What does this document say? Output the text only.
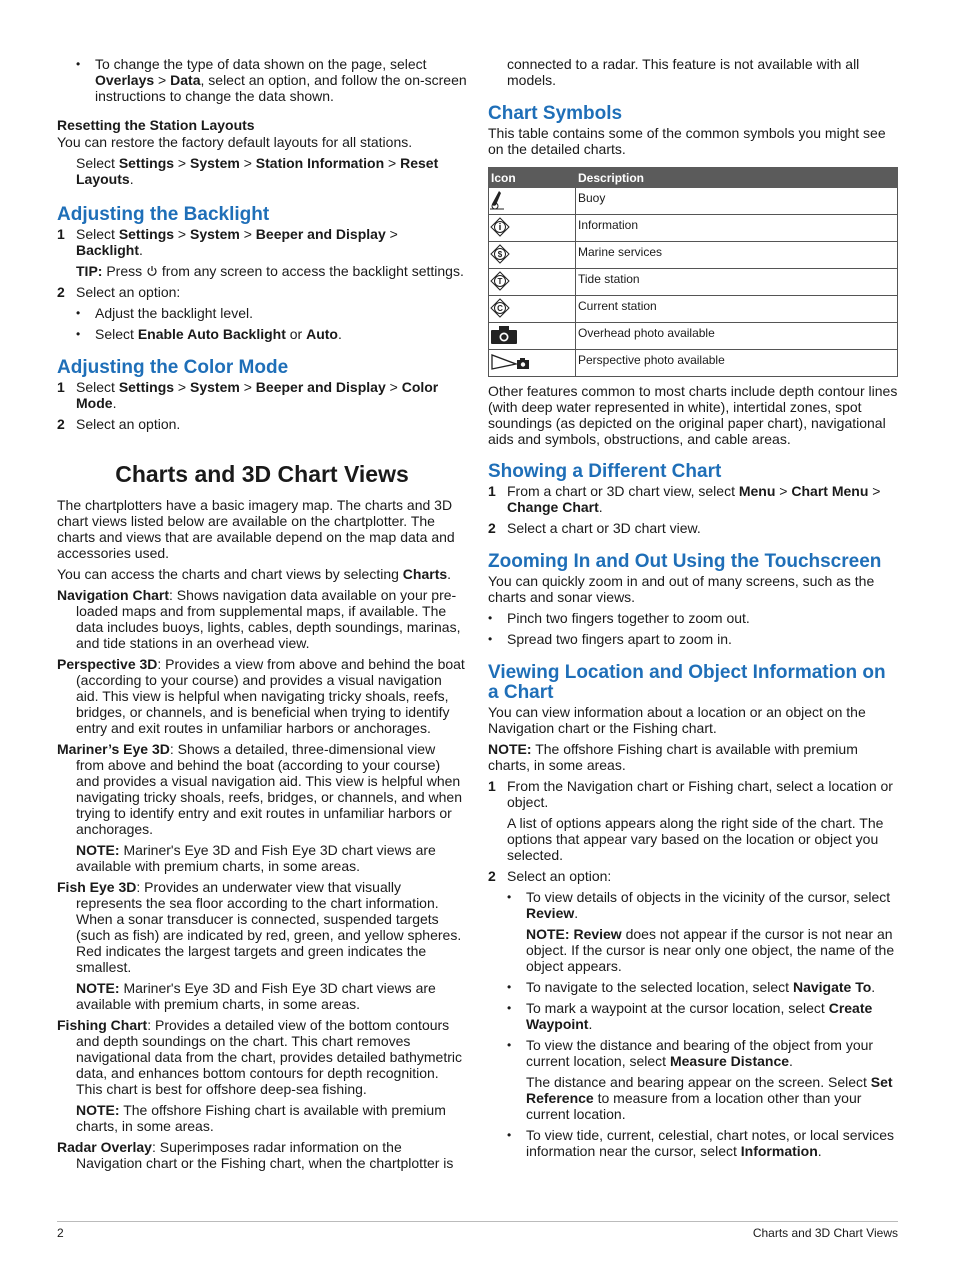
• To change the type of data shown on the page, select Overlays > Data, select an option, and follow the on-screen instructions to change the data shown.
Resetting the Station Layouts

You can restore the factory default layouts for all stations.

Select Settings > System > Station Information > Reset Layouts.

Adjusting the Backlight
1 Select Settings > System > Beeper and Display > Backlight.

TIP: Press  from any screen to access the backlight settings.

2 Select an option:
• Adjust the backlight level.
• Select Enable Auto Backlight or Auto.
Adjusting the Color Mode
1 Select Settings > System > Beeper and Display > Color Mode.
2 Select an option.
Charts and 3D Chart Views

The chartplotters have a basic imagery map. The charts and 3D chart views listed below are available on the chartplotter. The charts and views that are available depend on the map data and accessories used.

You can access the charts and chart views by selecting Charts.

Navigation Chart: Shows navigation data available on your pre-loaded maps and from supplemental maps, if available. The data includes buoys, lights, cables, depth soundings, marinas, and tide stations in an overhead view.

Perspective 3D: Provides a view from above and behind the boat (according to your course) and provides a visual navigation aid. This view is helpful when navigating tricky shoals, reefs, bridges, or channels, and is beneficial when trying to identify entry and exit routes in unfamiliar harbors or anchorages.

Mariner’s Eye 3D: Shows a detailed, three-dimensional view from above and behind the boat (according to your course) and provides a visual navigation aid. This view is helpful when navigating tricky shoals, reefs, bridges, or channels, and when trying to identify entry and exit routes in unfamiliar harbors or anchorages.

NOTE: Mariner's Eye 3D and Fish Eye 3D chart views are available with premium charts, in some areas.

Fish Eye 3D: Provides an underwater view that visually represents the sea floor according to the chart information. When a sonar transducer is connected, suspended targets (such as fish) are indicated by red, green, and yellow spheres. Red indicates the largest targets and green indicates the smallest.

NOTE: Mariner's Eye 3D and Fish Eye 3D chart views are available with premium charts, in some areas.

Fishing Chart: Provides a detailed view of the bottom contours and depth soundings on the chart. This chart removes navigational data from the chart, provides detailed bathymetric data, and enhances bottom contours for depth recognition. This chart is best for offshore deep-sea fishing.

NOTE: The offshore Fishing chart is available with premium charts, in some areas.

Radar Overlay: Superimposes radar information on the Navigation chart or the Fishing chart, when the chartplotter is

connected to a radar. This feature is not available with all models.

Chart Symbols

This table contains some of the common symbols you might see on the detailed charts.

Icon	Description
	Buoy
	Information

$	Marine services

T	Tide station

C	Current station
	Overhead photo available
	Perspective photo available

Other features common to most charts include depth contour lines (with deep water represented in white), intertidal zones, spot soundings (as depicted on the original paper chart), navigational aids and symbols, obstructions, and cable areas.

Showing a Different Chart
1 From a chart or 3D chart view, select Menu > Chart Menu > Change Chart.
2 Select a chart or 3D chart view.
Zooming In and Out Using the Touchscreen

You can quickly zoom in and out of many screens, such as the charts and sonar views.

• Pinch two fingers together to zoom out.
• Spread two fingers apart to zoom in.
Viewing Location and Object Information on a Chart

You can view information about a location or an object on the Navigation chart or the Fishing chart.

NOTE: The offshore Fishing chart is available with premium charts, in some areas.

1 From the Navigation chart or Fishing chart, select a location or object.

A list of options appears along the right side of the chart. The options that appear vary based on the location or object you selected.

2 Select an option:
• To view details of objects in the vicinity of the cursor, select Review.

NOTE: Review does not appear if the cursor is not near an object. If the cursor is near only one object, the name of the object appears.

• To navigate to the selected location, select Navigate To.
• To mark a waypoint at the cursor location, select Create Waypoint.
• To view the distance and bearing of the object from your current location, select Measure Distance.

The distance and bearing appear on the screen. Select Set Reference to measure from a location other than your current location.

• To view tide, current, celestial, chart notes, or local services information near the cursor, select Information.
2	Charts and 3D Chart Views
